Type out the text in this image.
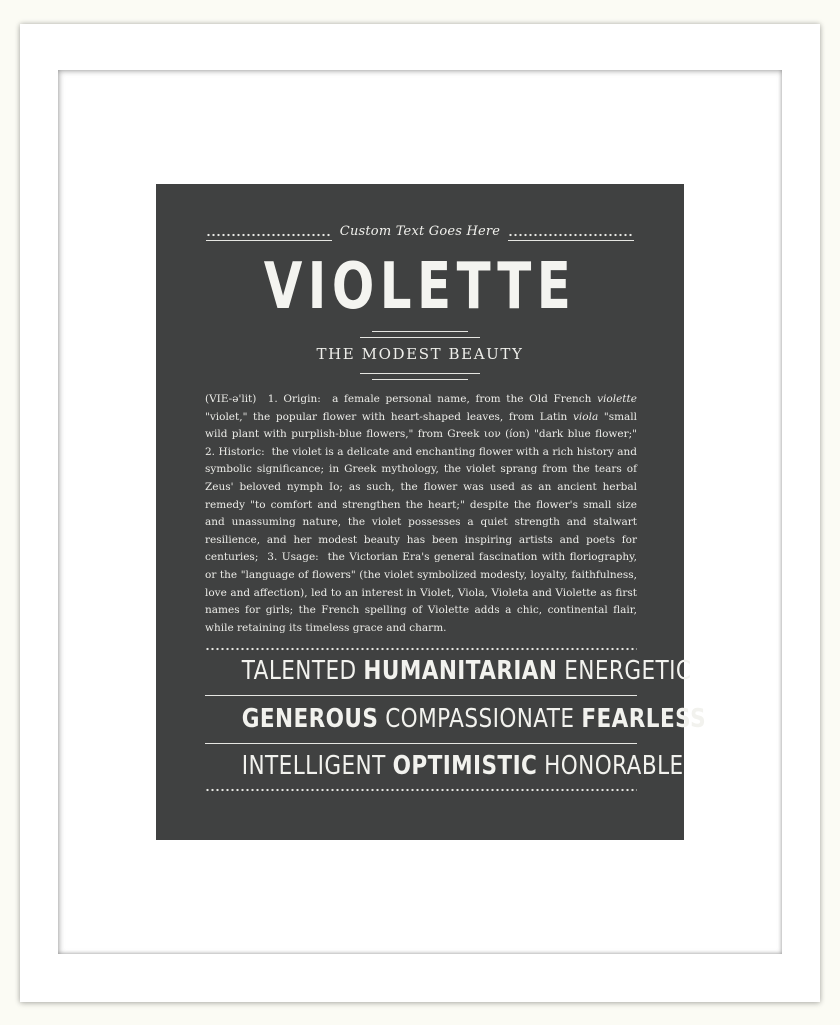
Custom Text Goes Here
VIOLETTE
THE MODEST BEAUTY
(VIE-ə'lit) 1. Origin: a female personal name, from the Old French violette "violet," the popular flower with heart-shaped leaves, from Latin viola "small wild plant with purplish-blue flowers," from Greek ιον (íon) "dark blue flower;" 2. Historic: the violet is a delicate and enchanting flower with a rich history and symbolic significance; in Greek mythology, the violet sprang from the tears of Zeus' beloved nymph Io; as such, the flower was used as an ancient herbal remedy "to comfort and strengthen the heart;" despite the flower's small size and unassuming nature, the violet possesses a quiet strength and stalwart resilience, and her modest beauty has been inspiring artists and poets for centuries; 3. Usage: the Victorian Era's general fascination with floriography, or the "language of flowers" (the violet symbolized modesty, loyalty, faithfulness, love and affection), led to an interest in Violet, Viola, Violeta and Violette as first names for girls; the French spelling of Violette adds a chic, continental flair, while retaining its timeless grace and charm.
TALENTED HUMANITARIAN ENERGETIC
GENEROUS COMPASSIONATE FEARLESS
INTELLIGENT OPTIMISTIC HONORABLE
